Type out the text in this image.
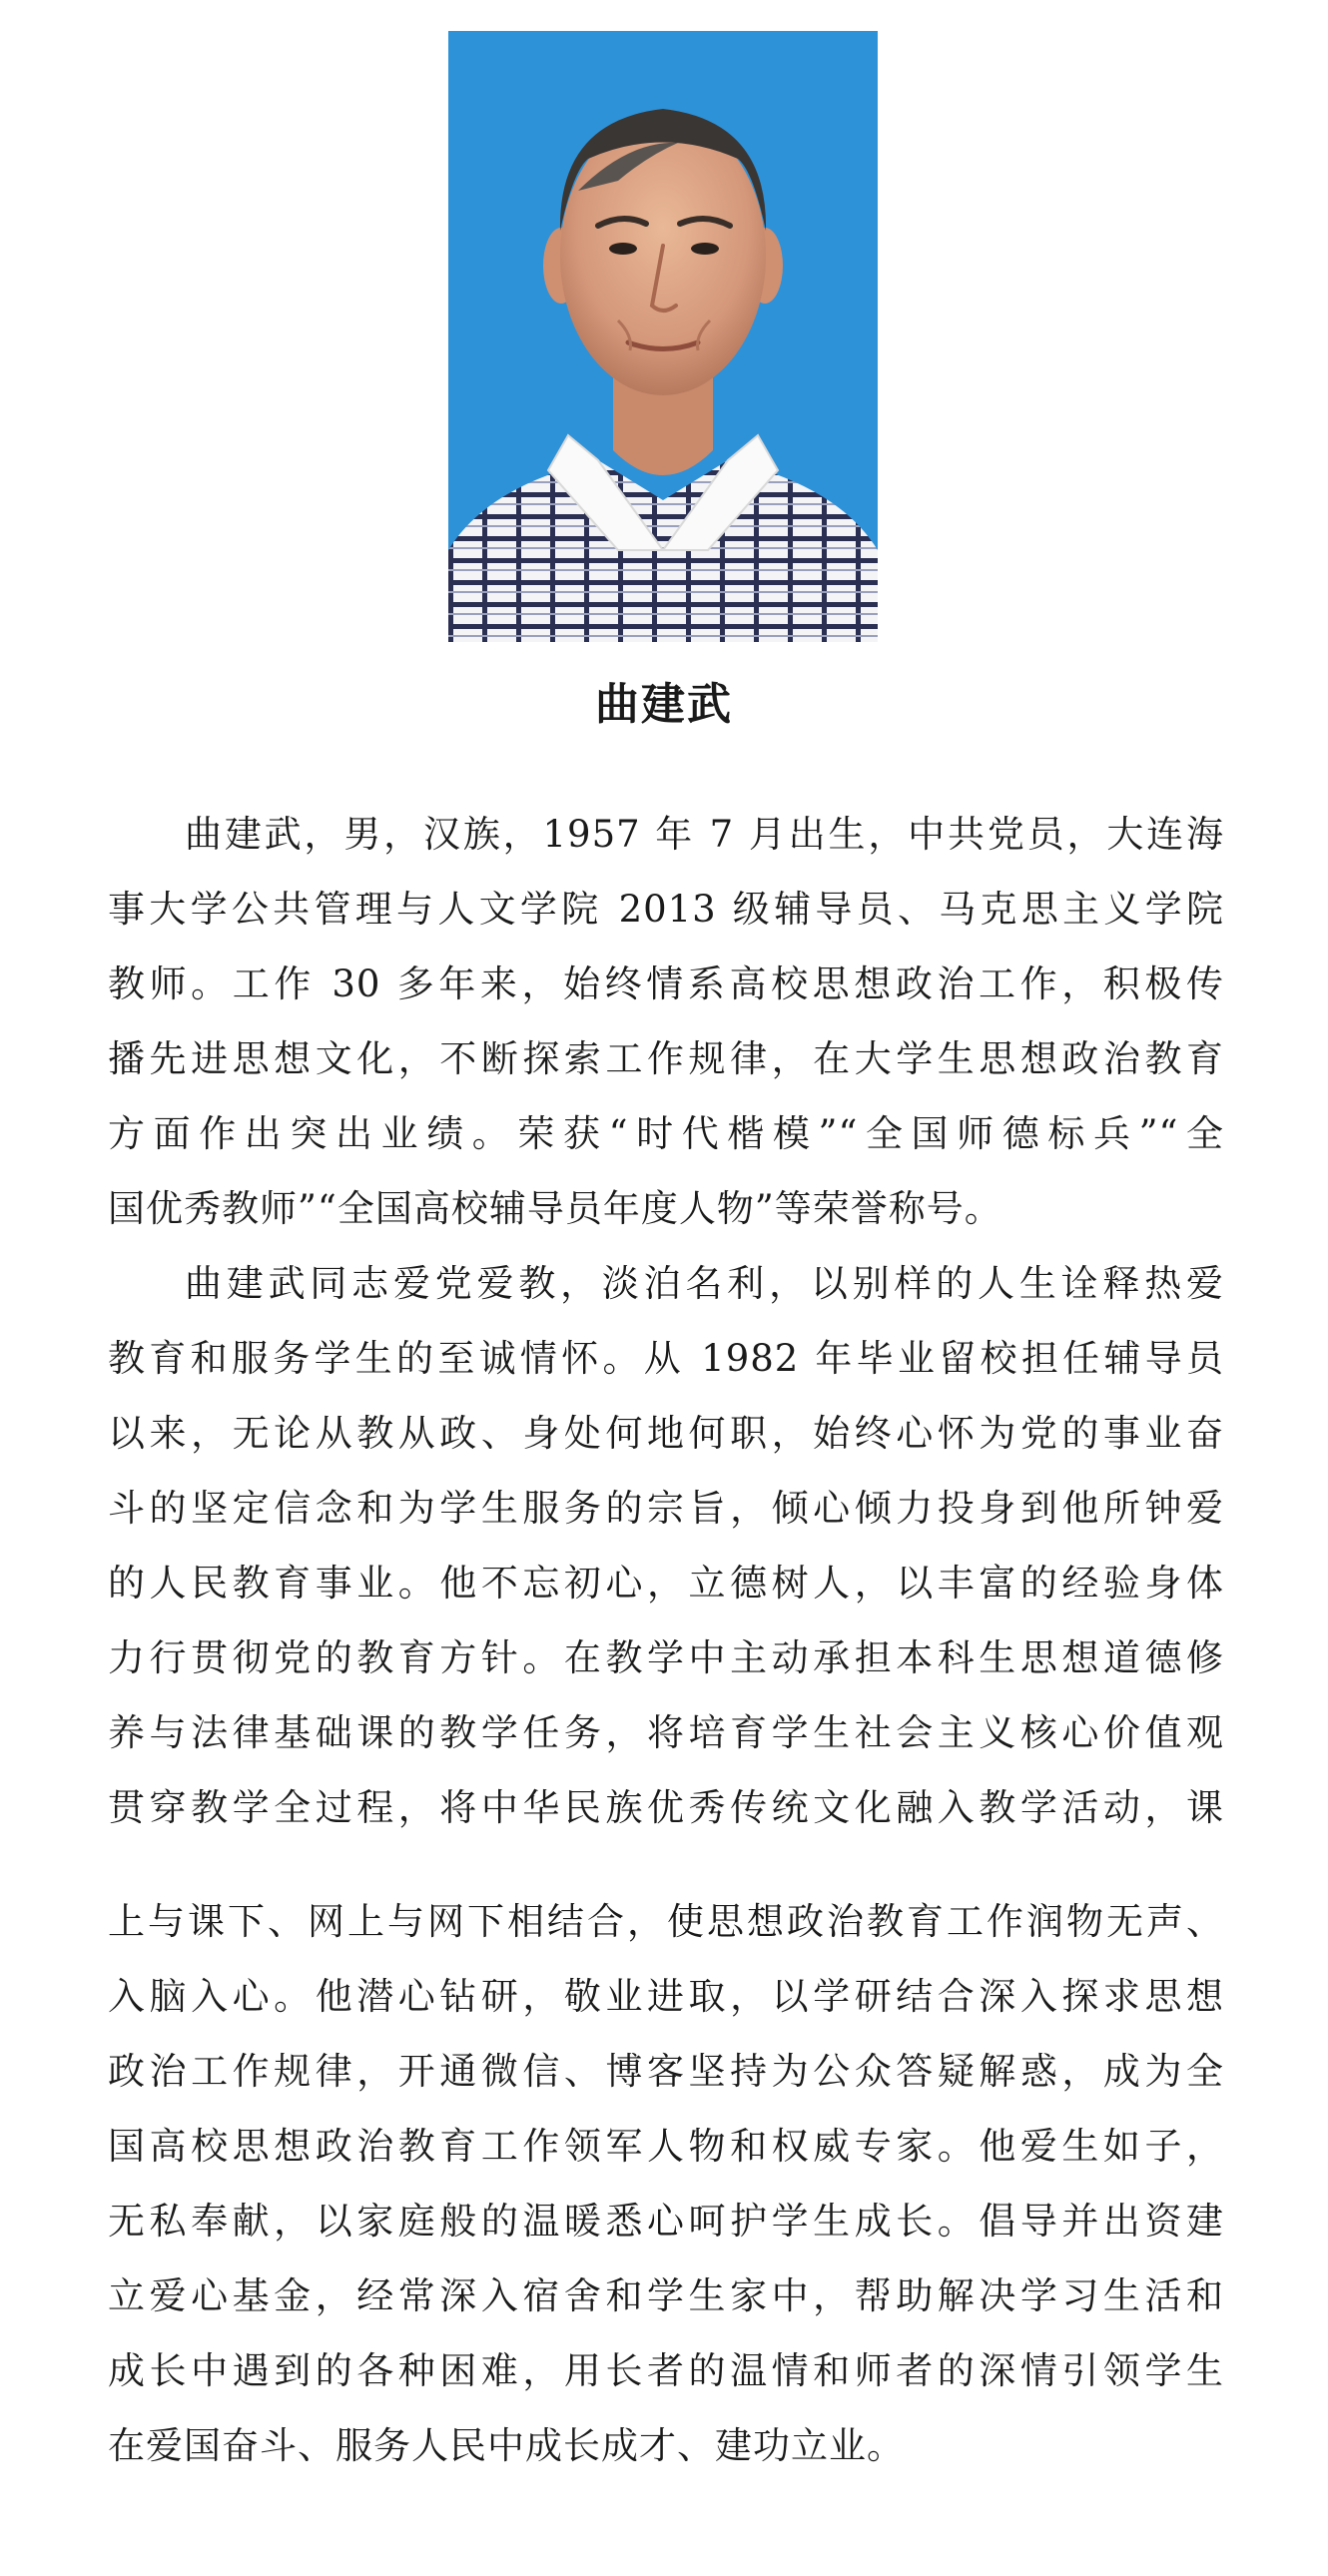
曲建武
曲建武，男，汉族，1957 年 7 月出生，中共党员，大连海
事大学公共管理与人文学院 2013 级辅导员、马克思主义学院
教师。工作 30 多年来，始终情系高校思想政治工作，积极传
播先进思想文化，不断探索工作规律，在大学生思想政治教育
方面作出突出业绩。荣获“时代楷模”“全国师德标兵”“全
国优秀教师”“全国高校辅导员年度人物”等荣誉称号。
曲建武同志爱党爱教，淡泊名利，以别样的人生诠释热爱
教育和服务学生的至诚情怀。从 1982 年毕业留校担任辅导员
以来，无论从教从政、身处何地何职，始终心怀为党的事业奋
斗的坚定信念和为学生服务的宗旨，倾心倾力投身到他所钟爱
的人民教育事业。他不忘初心，立德树人，以丰富的经验身体
力行贯彻党的教育方针。在教学中主动承担本科生思想道德修
养与法律基础课的教学任务，将培育学生社会主义核心价值观
贯穿教学全过程，将中华民族优秀传统文化融入教学活动，课
上与课下、网上与网下相结合，使思想政治教育工作润物无声、
入脑入心。他潜心钻研，敬业进取，以学研结合深入探求思想
政治工作规律，开通微信、博客坚持为公众答疑解惑，成为全
国高校思想政治教育工作领军人物和权威专家。他爱生如子，
无私奉献，以家庭般的温暖悉心呵护学生成长。倡导并出资建
立爱心基金，经常深入宿舍和学生家中，帮助解决学习生活和
成长中遇到的各种困难，用长者的温情和师者的深情引领学生
在爱国奋斗、服务人民中成长成才、建功立业。
